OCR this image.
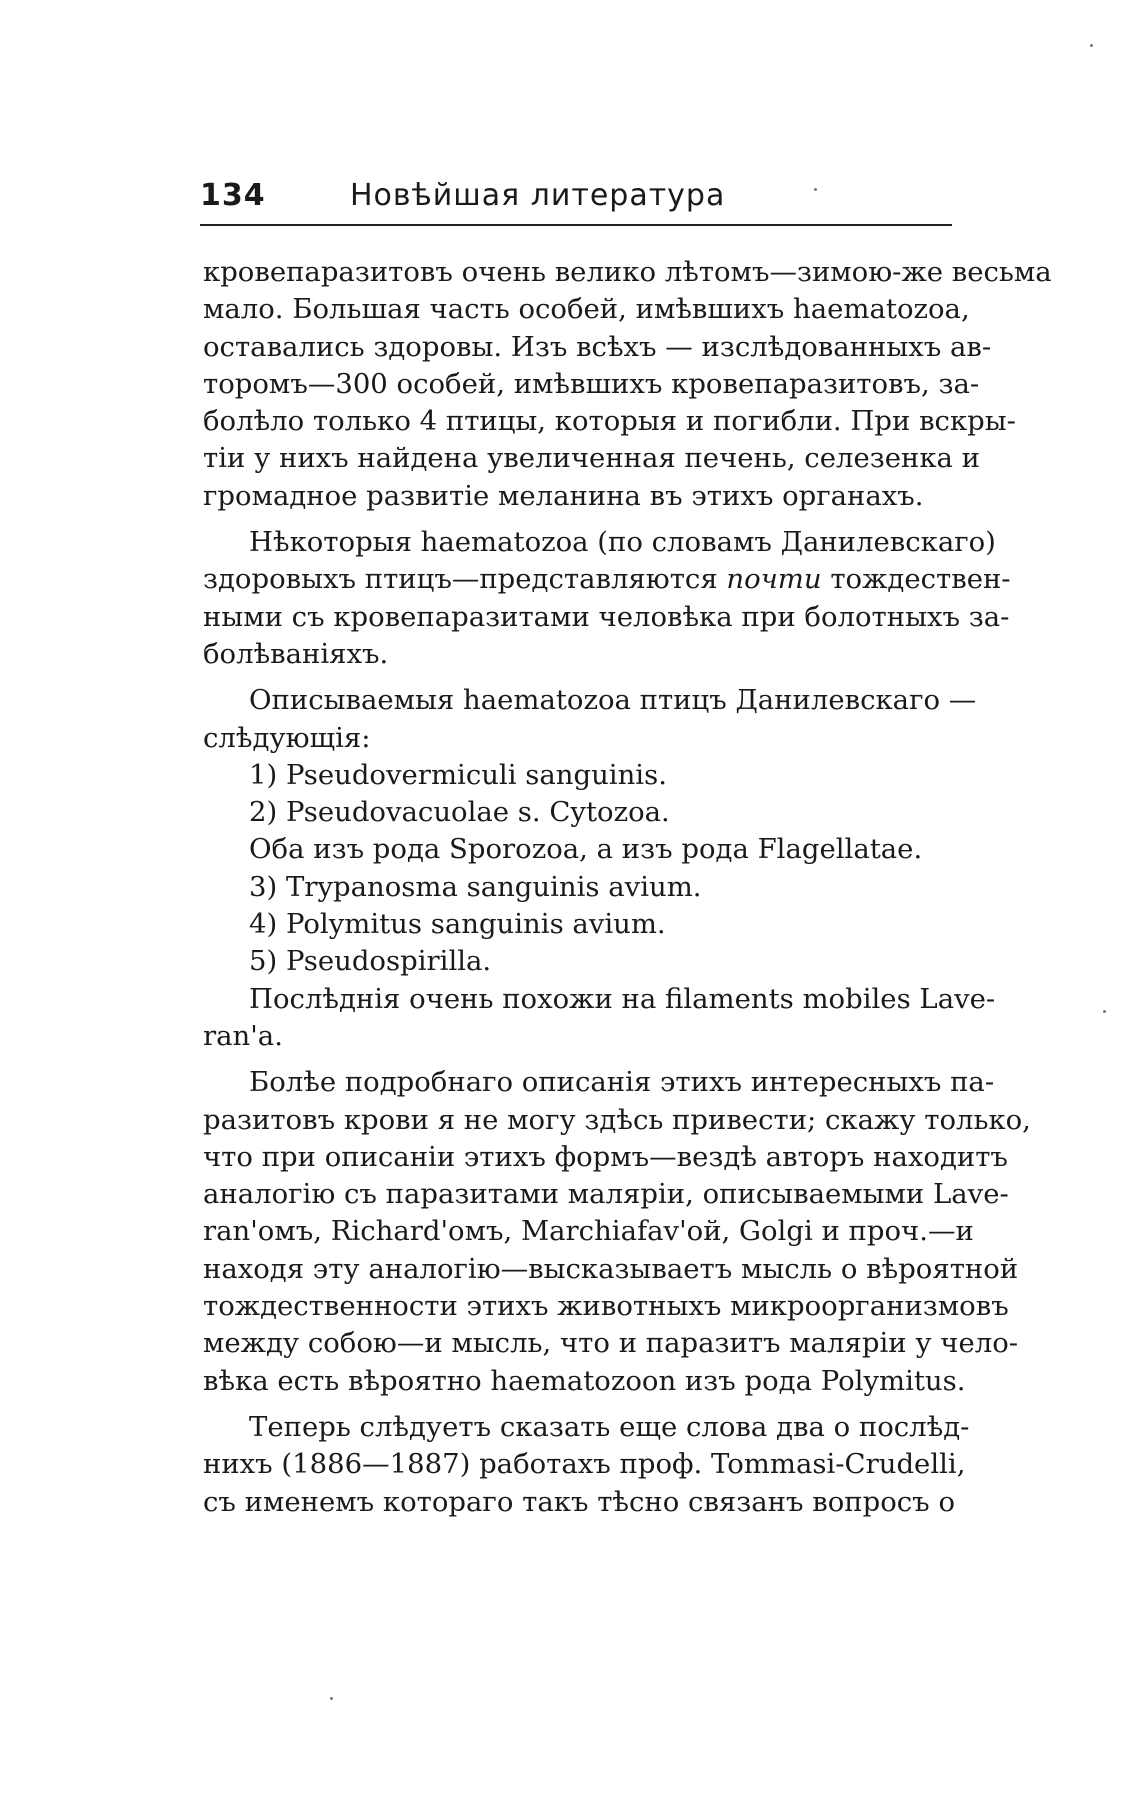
134	Новѣйшая литература
кровепаразитовъ очень велико лѣтомъ—зимою-же весьма
мало. Большая часть особей, имѣвшихъ haematozoa,
оставались здоровы. Изъ всѣхъ — изслѣдованныхъ ав-
торомъ—300 особей, имѣвшихъ кровепаразитовъ, за-
болѣло только 4 птицы, которыя и погибли. При вскры-
тіи у нихъ найдена увеличенная печень, селезенка и
громадное развитіе меланина въ этихъ органахъ.
Нѣкоторыя haematozoa (по словамъ Данилевскаго)
здоровыхъ птицъ—представляются почти тождествен-
ными съ кровепаразитами человѣка при болотныхъ за-
болѣваніяхъ.
Описываемыя haematozoa птицъ Данилевскаго —
слѣдующія:
1) Pseudovermiculi sanguinis.
2) Pseudovacuolae s. Cytozoa.
Оба изъ рода Sporozoa, а изъ рода Flagellatae.
3) Trypanosma sanguinis avium.
4) Polymitus sanguinis avium.
5) Pseudospirilla.
Послѣднія очень похожи на filaments mobiles Lave-
ran'a.
Болѣе подробнаго описанія этихъ интересныхъ па-
разитовъ крови я не могу здѣсь привести; скажу только,
что при описаніи этихъ формъ—вездѣ авторъ находитъ
аналогію съ паразитами маляріи, описываемыми Lave-
ran'омъ, Richard'омъ, Marchiafav'ой, Golgi и проч.—и
находя эту аналогію—высказываетъ мысль о вѣроятной
тождественности этихъ животныхъ микроорганизмовъ
между собою—и мысль, что и паразитъ маляріи у чело-
вѣка есть вѣроятно haematozoon изъ рода Polymitus.
Теперь слѣдуетъ сказать еще слова два о послѣд-
нихъ (1886—1887) работахъ проф. Tommasi-Crudelli,
съ именемъ котораго такъ тѣсно связанъ вопросъ о
